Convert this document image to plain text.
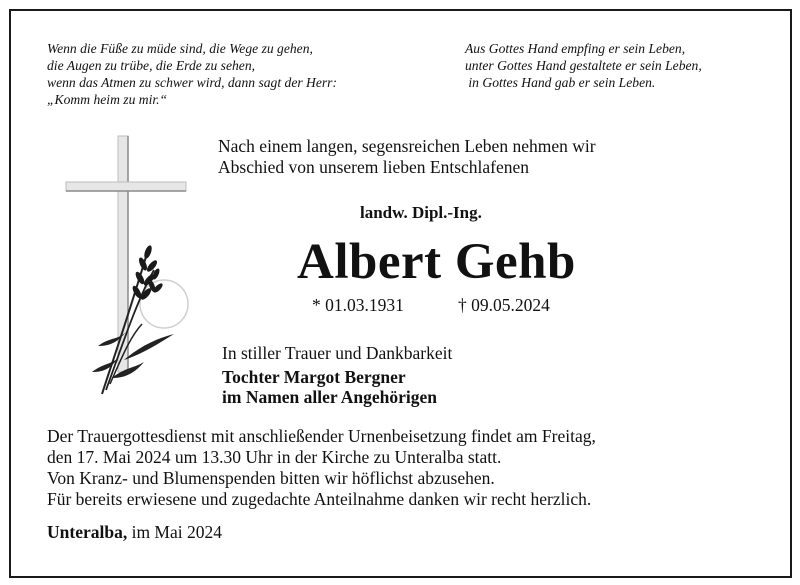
Wenn die Füße zu müde sind, die Wege zu gehen,
die Augen zu trübe, die Erde zu sehen,
wenn das Atmen zu schwer wird, dann sagt der Herr:
„Komm heim zu mir.“
Aus Gottes Hand empfing er sein Leben,
unter Gottes Hand gestaltete er sein Leben,
in Gottes Hand gab er sein Leben.
Nach einem langen, segensreichen Leben nehmen wir
Abschied von unserem lieben Entschlafenen
landw. Dipl.-Ing.
Albert Gehb
* 01.03.1931	† 09.05.2024
In stiller Trauer und Dankbarkeit
Tochter Margot Bergner
im Namen aller Angehörigen
Der Trauergottesdienst mit anschließender Urnenbeisetzung findet am Freitag,
den 17. Mai 2024 um 13.30 Uhr in der Kirche zu Unteralba statt.
Von Kranz- und Blumenspenden bitten wir höflichst abzusehen.
Für bereits erwiesene und zugedachte Anteilnahme danken wir recht herzlich.
Unteralba, im Mai 2024
